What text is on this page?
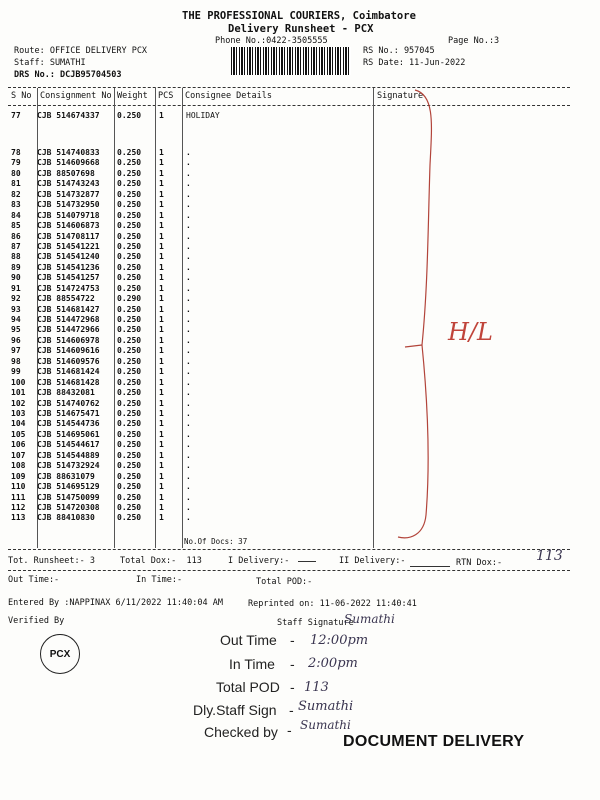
THE PROFESSIONAL COURIERS, Coimbatore
Delivery Runsheet - PCX
Phone No.:0422-3505555	Page No.:3
Route: OFFICE DELIVERY PCX
Staff: SUMATHI
DRS No.: DCJB95704503
RS No.: 957045
RS Date: 11-Jun-2022
S No Consignment No Weight PCS Consignee Details	Signature
77 CJB 514674337 0.250 1	HOLIDAY
78 CJB 514740833 0.250 1	.
79 CJB 514609668 0.250 1	.
80 CJB 88507698	0.250 1	.
81 CJB 514743243 0.250 1	.
82 CJB 514732877 0.250 1	.
83 CJB 514732950 0.250 1	.
84 CJB 514079718 0.250 1	.
85 CJB 514606873 0.250 1	.
86 CJB 514708117 0.250 1	.
87 CJB 514541221 0.250 1	.
88 CJB 514541240 0.250 1	.
89 CJB 514541236 0.250 1	.
90 CJB 514541257 0.250 1	.
91 CJB 514724753 0.250 1	.
92 CJB 88554722	0.290 1	.
93 CJB 514681427 0.250 1	.
94 CJB 514472968 0.250 1	.
95 CJB 514472966 0.250 1	.
96 CJB 514606978 0.250 1	.
97 CJB 514609616 0.250 1	.
98 CJB 514609576 0.250 1	.
99 CJB 514681424 0.250 1	.
100 CJB 514681428 0.250 1	.
101 CJB 88432081	0.250 1	.
102 CJB 514740762 0.250 1	.
103 CJB 514675471 0.250 1	.
104 CJB 514544736 0.250 1	.
105 CJB 514695061 0.250 1	.
106 CJB 514544617 0.250 1	.
107 CJB 514544889 0.250 1	.
108 CJB 514732924 0.250 1	.
109 CJB 88631079	0.250 1	.
110 CJB 514695129 0.250 1	.
111 CJB 514750099 0.250 1	.
112 CJB 514720308 0.250 1	.
113 CJB 88410830	0.250 1	.
No.Of Docs: 37
H/L
Tot. Runsheet:- 3	Total Dox:-  113	I Delivery:-	II Delivery:-	RTN Dox:- 113
Out Time:-	In Time:-	Total POD:-
Entered By :NAPPINAX 6/11/2022 11:40:04 AM	Reprinted on: 11-06-2022 11:40:41
Verified By	Staff Signature
Sumathi
PCX
Out Time - 12:00pm
In Time - 2:00pm
Total POD - 113
Dly.Staff Sign - Sumathi
Checked by - Sumathi
DOCUMENT DELIVERY
